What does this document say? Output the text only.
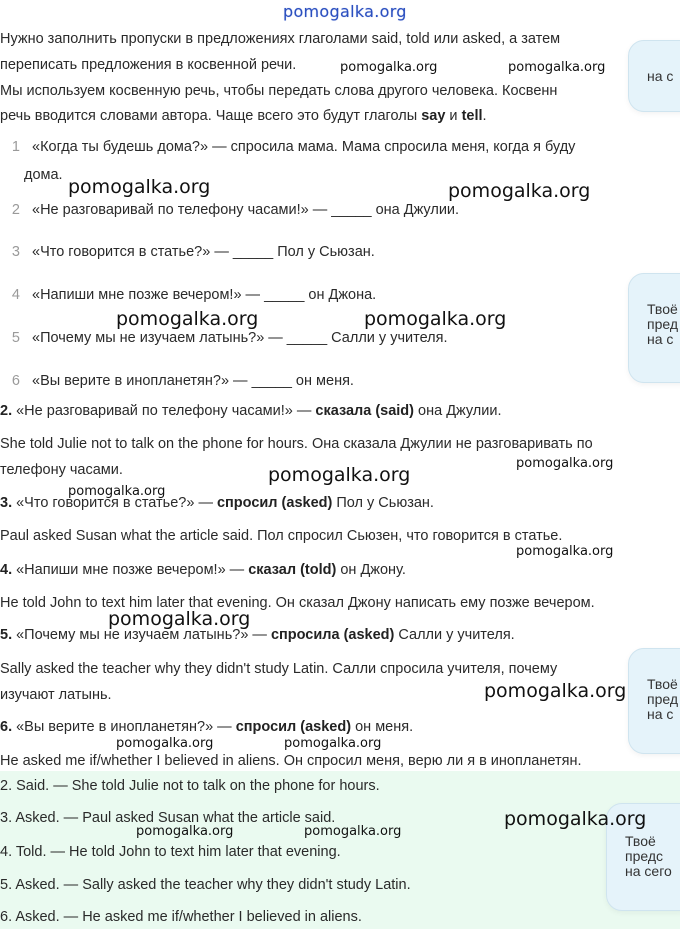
pomogalka.org
Нужно заполнить пропуски в предложениях глаголами said, told или asked, а затем
переписать предложения в косвенной речи.
Мы используем косвенную речь, чтобы передать слова другого человека. Косвенн
речь вводится словами автора. Чаще всего это будут глаголы say и tell.
1 «Когда ты будешь дома?» — спросила мама. Мама спросила меня, когда я буду
дома.
2 «Не разговаривай по телефону часами!» — _____ она Джулии.
3 «Что говорится в статье?» — _____ Пол у Сьюзан.
4 «Напиши мне позже вечером!» — _____ он Джона.
5 «Почему мы не изучаем латынь?» — _____ Салли у учителя.
6 «Вы верите в инопланетян?» — _____ он меня.
2. «Не разговаривай по телефону часами!» — сказала (said) она Джулии.
She told Julie not to talk on the phone for hours. Она сказала Джулии не разговаривать по
телефону часами.
3. «Что говорится в статье?» — спросил (asked) Пол у Сьюзан.
Paul asked Susan what the article said. Пол спросил Сьюзен, что говорится в статье.
4. «Напиши мне позже вечером!» — сказал (told) он Джону.
He told John to text him later that evening. Он сказал Джону написать ему позже вечером.
5. «Почему мы не изучаем латынь?» — спросила (asked) Салли у учителя.
Sally asked the teacher why they didn't study Latin. Салли спросила учителя, почему
изучают латынь.
6. «Вы верите в инопланетян?» — спросил (asked) он меня.
He asked me if/whether I believed in aliens. Он спросил меня, верю ли я в инопланетян.
2. Said. — She told Julie not to talk on the phone for hours.
3. Asked. — Paul asked Susan what the article said.
4. Told. — He told John to text him later that evening.
5. Asked. — Sally asked the teacher why they didn't study Latin.
6. Asked. — He asked me if/whether I believed in aliens.
на с
Твоё
пред
на с
Твоё
пред
на с
Твоё
предс
на сего
pomogalka.org	pomogalka.org
pomogalka.org	pomogalka.org
pomogalka.org	pomogalka.org
pomogalka.org
pomogalka.org
pomogalka.org
pomogalka.org
pomogalka.org
pomogalka.org
pomogalka.org	pomogalka.org
pomogalka.org
pomogalka.org	pomogalka.org
